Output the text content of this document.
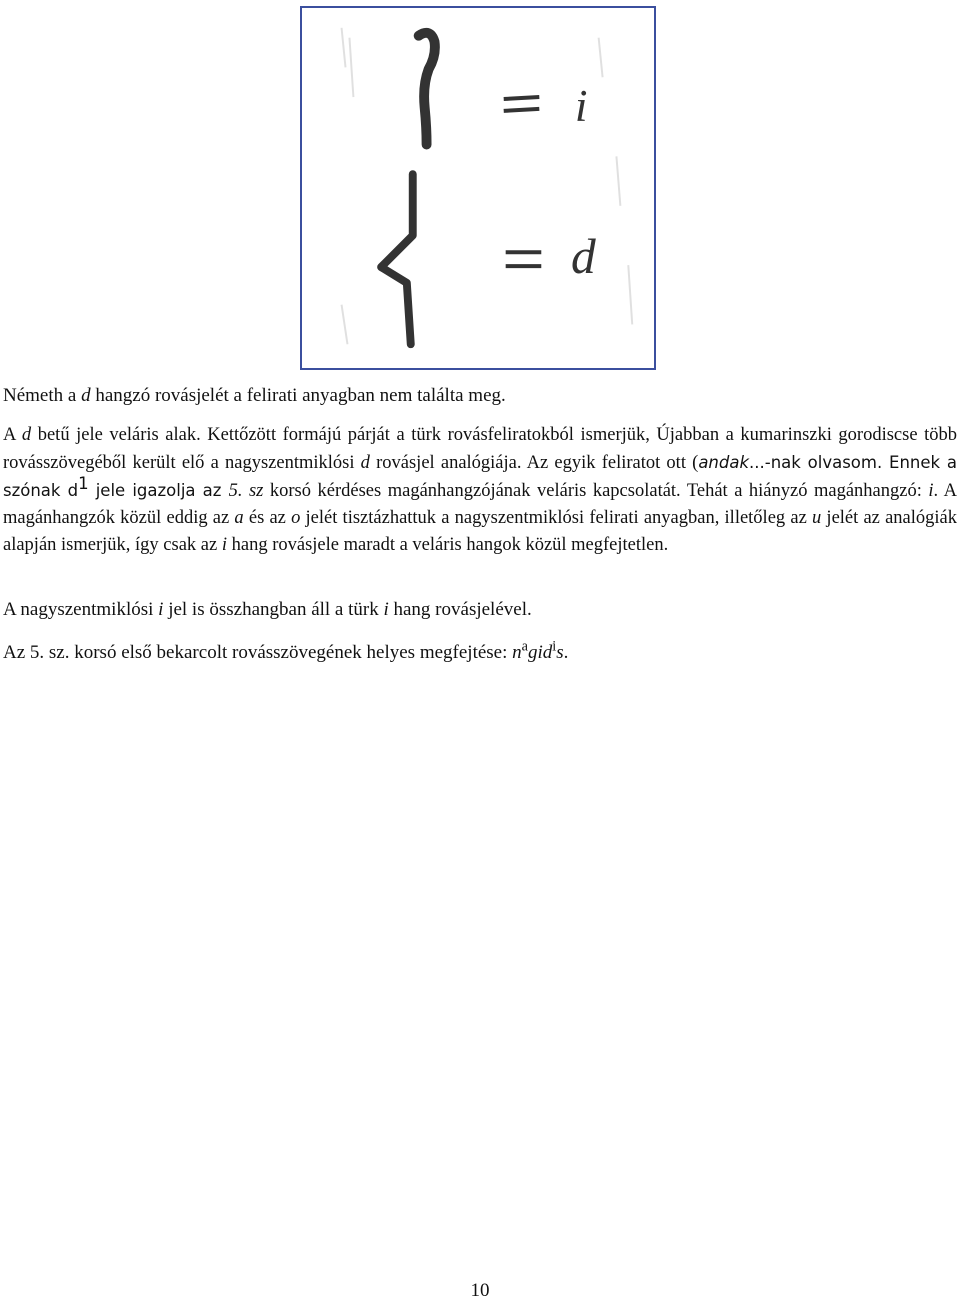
i
d

Németh a d hangzó rovásjelét a felirati anyagban nem találta meg.

A d betű jele veláris alak. Kettőzött formájú párját a türk rovásfeliratokból ismerjük, Újabban a kumarinszki gorodiscse több rovásszövegéből került elő a nagyszentmiklósi d rovásjel analógiája. Az egyik feliratot ott (andak...-nak olvasom. Ennek a szónak $d^1$ jele igazolja az 5. sz korsó kérdéses magánhangzójának veláris kapcsolatát. Tehát a hiányzó magánhangzó: i. A magánhangzók közül eddig az a és az o jelét tisztázhattuk a nagyszentmiklósi felirati anyagban, illetőleg az u jelét az analógiák alapján ismerjük, így csak az i hang rovásjele maradt a veláris hangok közül megfejtetlen.

A nagyszentmiklósi i jel is összhangban áll a türk i hang rovásjelével.

Az 5. sz. korsó első bekarcolt rovásszövegének helyes megfejtése: $n^agid^is$.

10
